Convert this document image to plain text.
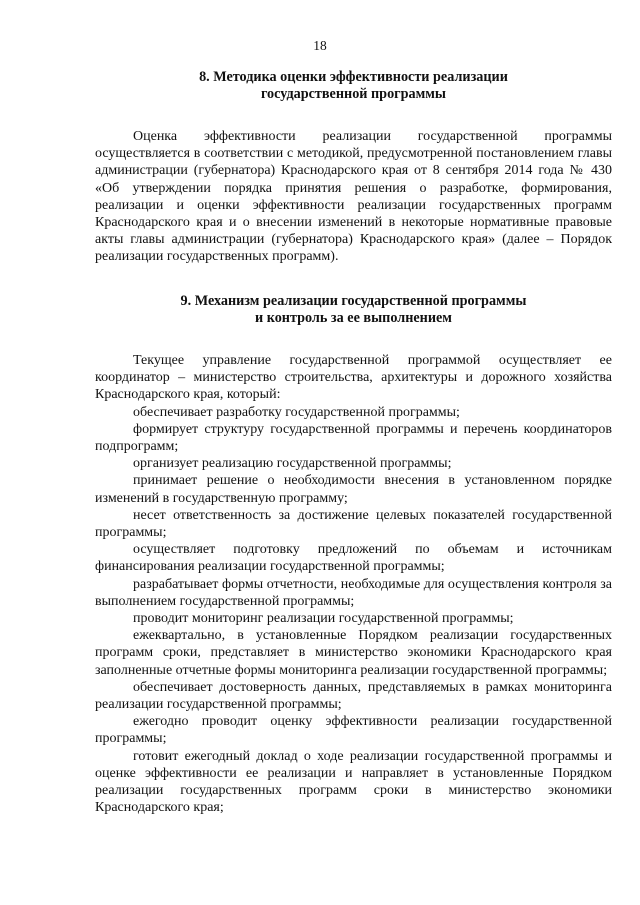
18
8. Методика оценки эффективности реализации
государственной программы

Оценка эффективности реализации государственной программы осуществляется в соответствии с методикой, предусмотренной постановлением главы администрации (губернатора) Краснодарского края от 8 сентября 2014 года № 430 «Об утверждении порядка принятия решения о разработке, формирования, реализации и оценки эффективности реализации государственных программ Краснодарского края и о внесении изменений в некоторые нормативные правовые акты главы администрации (губернатора) Краснодарского края» (далее – Порядок реализации государственных программ).

9. Механизм реализации государственной программы
и контроль за ее выполнением

Текущее управление государственной программой осуществляет ее координатор – министерство строительства, архитектуры и дорожного хозяйства Краснодарского края, который:

обеспечивает разработку государственной программы;

формирует структуру государственной программы и перечень координаторов подпрограмм;

организует реализацию государственной программы;

принимает решение о необходимости внесения в установленном порядке изменений в государственную программу;

несет ответственность за достижение целевых показателей государственной программы;

осуществляет подготовку предложений по объемам и источникам финансирования реализации государственной программы;

разрабатывает формы отчетности, необходимые для осуществления контроля за выполнением государственной программы;

проводит мониторинг реализации государственной программы;

ежеквартально, в установленные Порядком реализации государственных программ сроки, представляет в министерство экономики Краснодарского края заполненные отчетные формы мониторинга реализации государственной программы;

обеспечивает достоверность данных, представляемых в рамках мониторинга реализации государственной программы;

ежегодно проводит оценку эффективности реализации государственной программы;

готовит ежегодный доклад о ходе реализации государственной программы и оценке эффективности ее реализации и направляет в установленные Порядком реализации государственных программ сроки в министерство экономики Краснодарского края;
